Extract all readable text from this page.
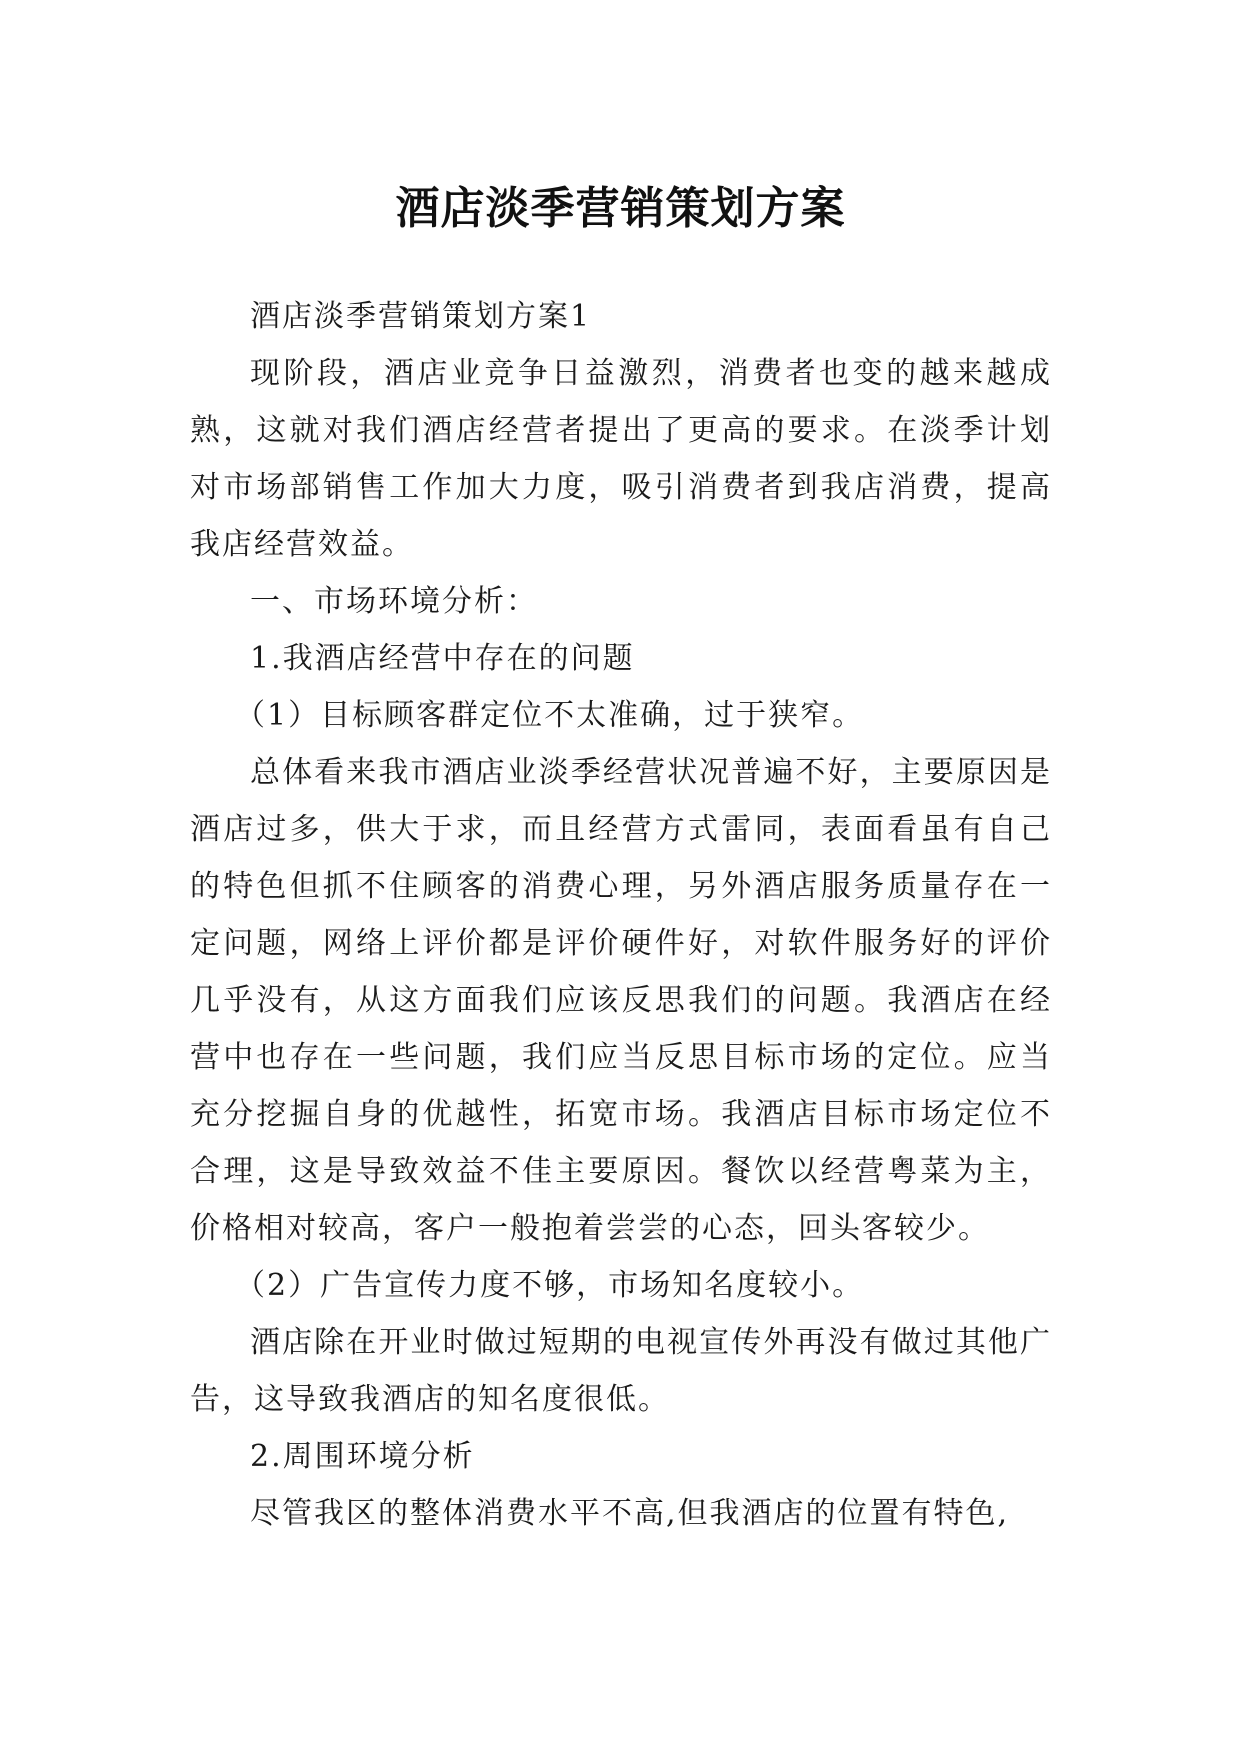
酒店淡季营销策划方案

酒店淡季营销策划方案1

现阶段，酒店业竞争日益激烈，消费者也变的越来越成熟，这就对我们酒店经营者提出了更高的要求。在淡季计划对市场部销售工作加大力度，吸引消费者到我店消费，提高我店经营效益。

一、市场环境分析：

1.我酒店经营中存在的问题

（1）目标顾客群定位不太准确，过于狭窄。

总体看来我市酒店业淡季经营状况普遍不好，主要原因是酒店过多，供大于求，而且经营方式雷同，表面看虽有自己的特色但抓不住顾客的消费心理，另外酒店服务质量存在一定问题，网络上评价都是评价硬件好，对软件服务好的评价几乎没有，从这方面我们应该反思我们的问题。我酒店在经营中也存在一些问题，我们应当反思目标市场的定位。应当充分挖掘自身的优越性，拓宽市场。我酒店目标市场定位不合理，这是导致效益不佳主要原因。餐饮以经营粤菜为主，价格相对较高，客户一般抱着尝尝的心态，回头客较少。

（2）广告宣传力度不够，市场知名度较小。

酒店除在开业时做过短期的电视宣传外再没有做过其他广告，这导致我酒店的知名度很低。

2.周围环境分析

尽管我区的整体消费水平不高,但我酒店的位置有特色,
